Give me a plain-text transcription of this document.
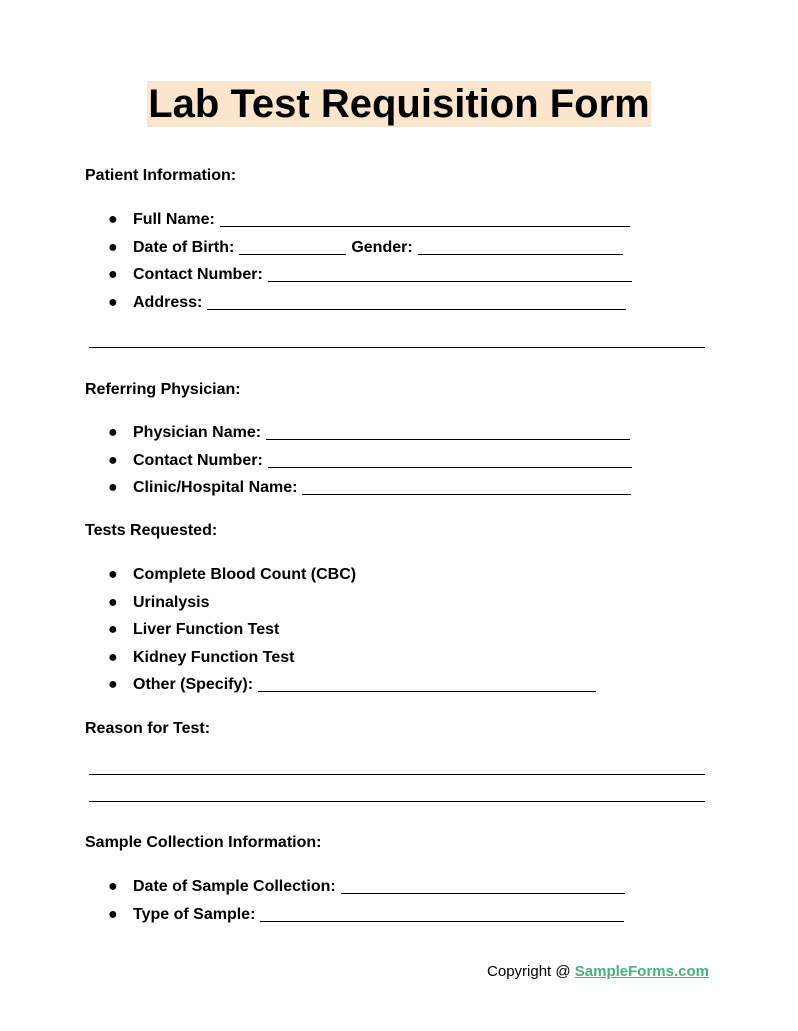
Lab Test Requisition Form
Patient Information:
● Full Name:
● Date of Birth:	Gender:
● Contact Number:
● Address:
Referring Physician:
● Physician Name:
● Contact Number:
● Clinic/Hospital Name:
Tests Requested:
● Complete Blood Count (CBC)
● Urinalysis
● Liver Function Test
● Kidney Function Test
● Other (Specify):
Reason for Test:
Sample Collection Information:
● Date of Sample Collection:
● Type of Sample:
Copyright @ SampleForms.com
